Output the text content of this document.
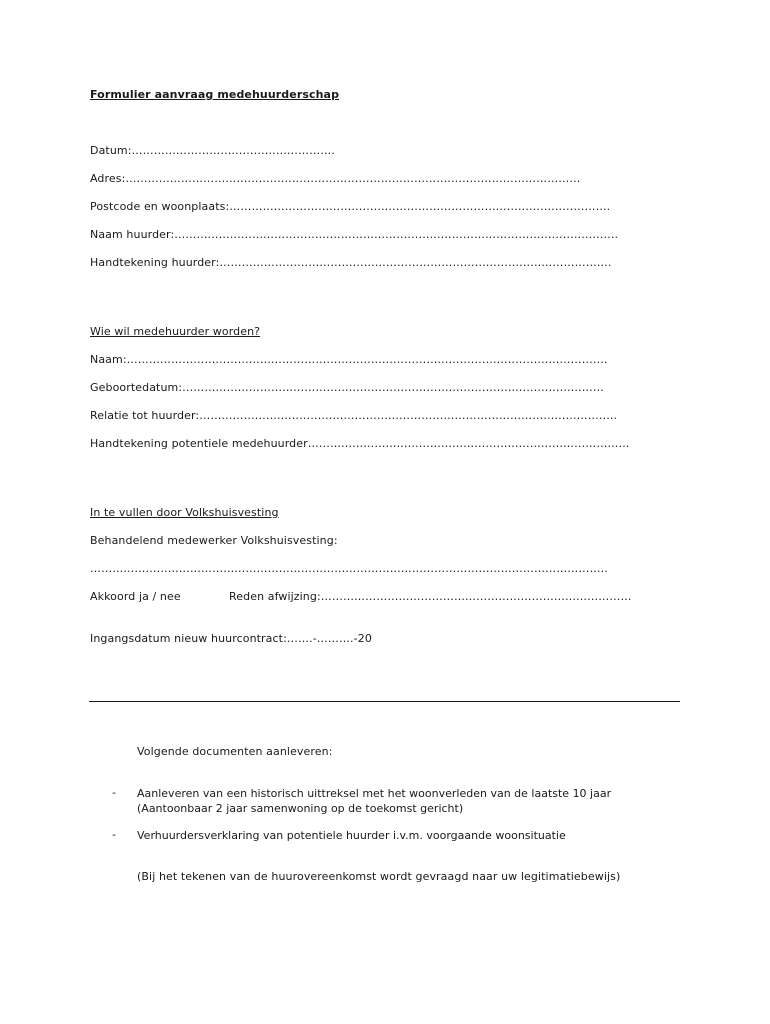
Formulier aanvraag medehuurderschap
Datum:……………………………………………….
Adres:……………………………………………………………………………………………………………
Postcode en woonplaats:………………………………………………………………………………………….
Naam huurder:…………………………………………………………………………………………………………
Handtekening huurder:…………………………………………………………………………………………….
Wie wil medehuurder worden?
Naam:………………………………………………………………………………………………………………….
Geboortedatum:……………………………………………………………………………………………………
Relatie tot huurder:…………………………………………………………………………………………………..
Handtekening potentiele medehuurder……………………………………………………………………………
In te vullen door Volkshuisvesting
Behandelend medewerker Volkshuisvesting:
…………………………………………………………………………………………………………………………..
Akkoord ja / nee	Reden afwijzing:…………………………………………………………………………
Ingangsdatum nieuw huurcontract:…….-……….-20
Volgende documenten aanleveren:
- Aanleveren van een historisch uittreksel met het woonverleden van de laatste 10 jaar
(Aantoonbaar 2 jaar samenwoning op de toekomst gericht)
- Verhuurdersverklaring van potentiele huurder i.v.m. voorgaande woonsituatie
(Bij het tekenen van de huurovereenkomst wordt gevraagd naar uw legitimatiebewijs)
